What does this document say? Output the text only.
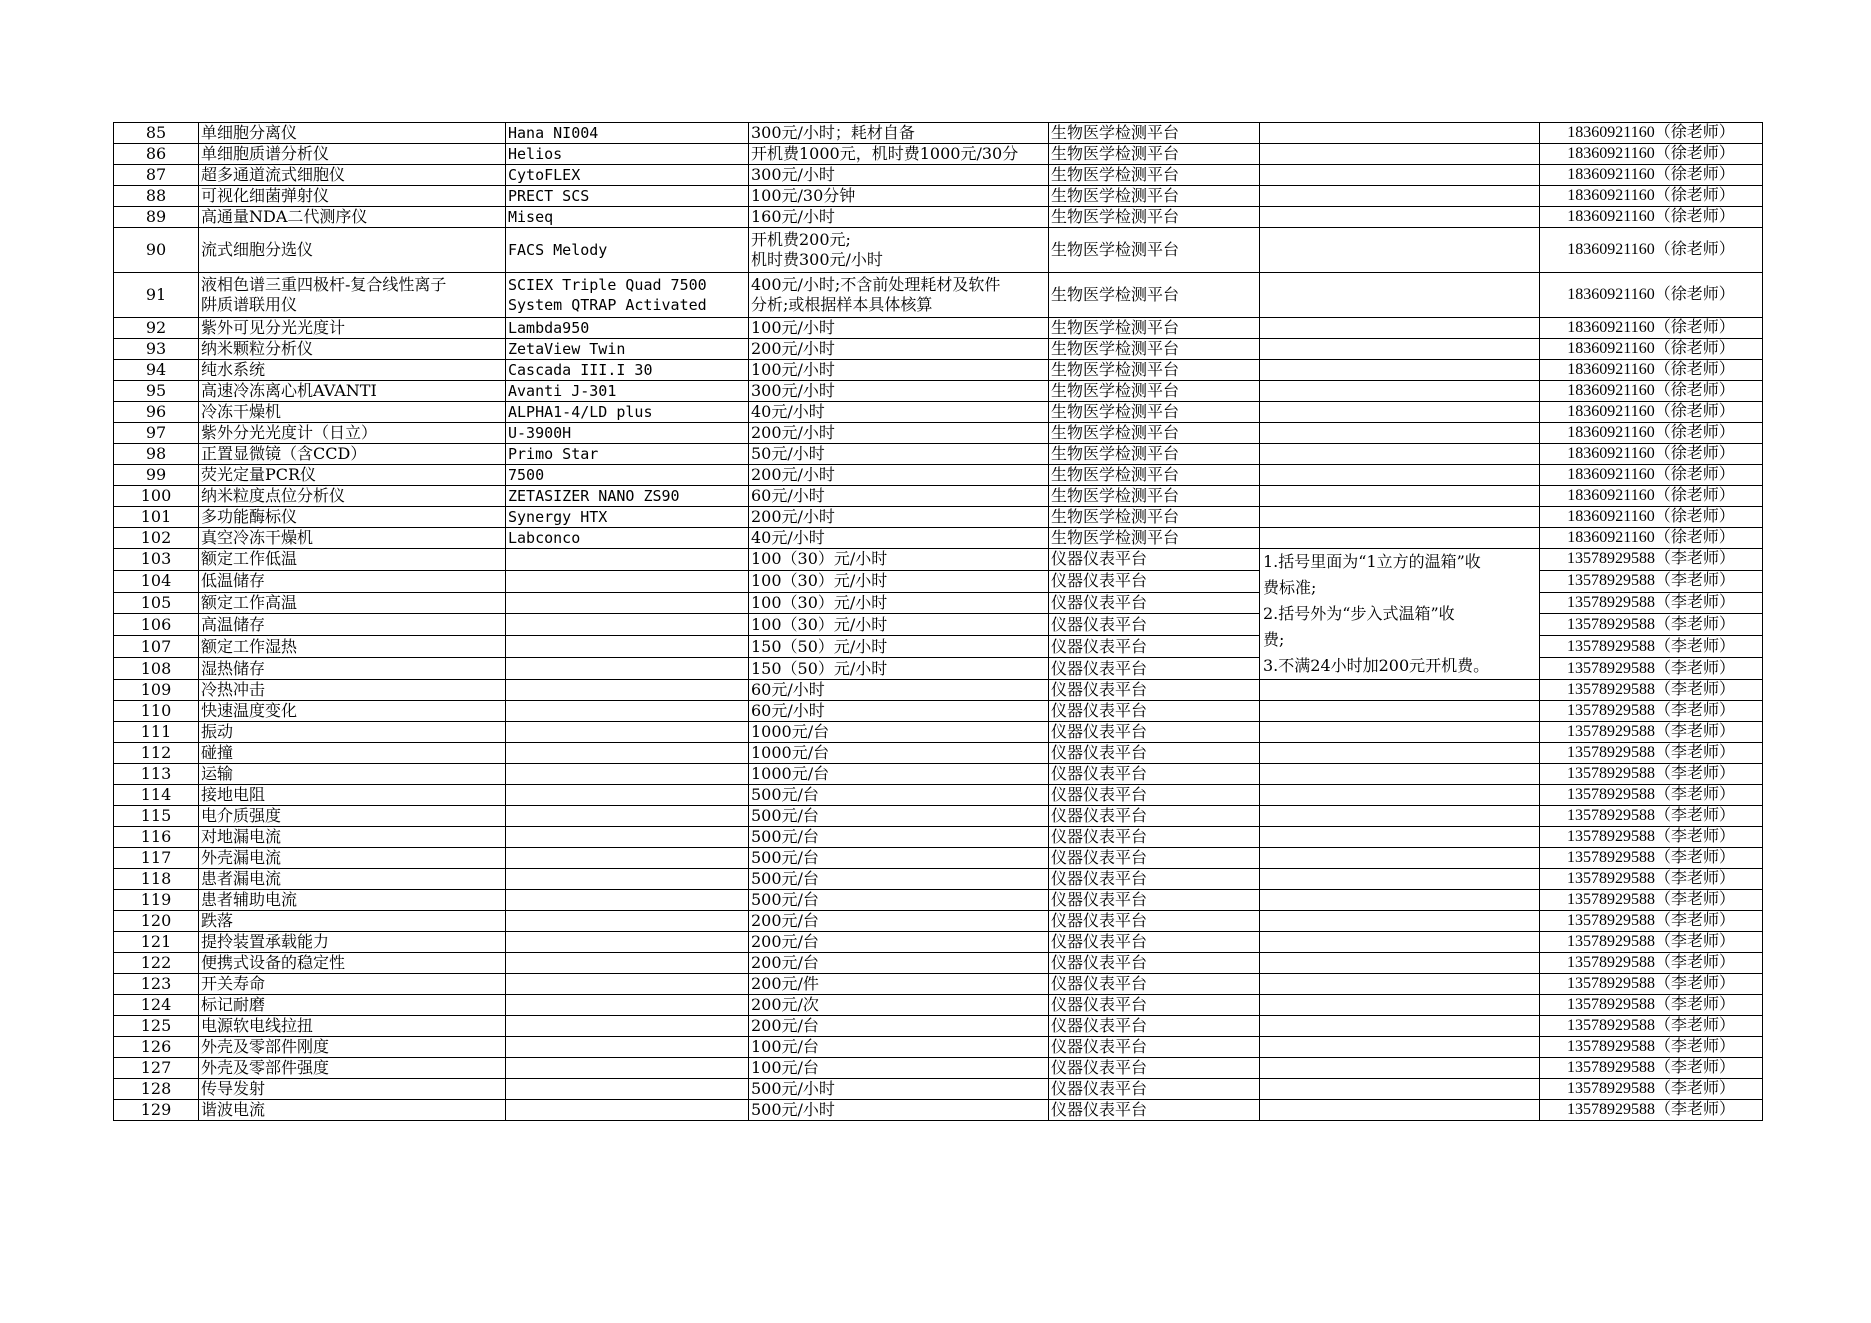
85	单细胞分离仪	Hana NI004	300元/小时；耗材自备	生物医学检测平台		18360921160（徐老师）
86	单细胞质谱分析仪	Helios	开机费1000元，机时费1000元/30分	生物医学检测平台		18360921160（徐老师）
87	超多通道流式细胞仪	CytoFLEX	300元/小时	生物医学检测平台		18360921160（徐老师）
88	可视化细菌弹射仪	PRECT SCS	100元/30分钟	生物医学检测平台		18360921160（徐老师）
89	高通量NDA二代测序仪	Miseq	160元/小时	生物医学检测平台		18360921160（徐老师）
90	流式细胞分选仪	FACS Melody	开机费200元;
机时费300元/小时	生物医学检测平台		18360921160（徐老师）
91	液相色谱三重四极杆-复合线性离子
阱质谱联用仪	SCIEX Triple Quad 7500
System QTRAP Activated	400元/小时;不含前处理耗材及软件
分析;或根据样本具体核算	生物医学检测平台		18360921160（徐老师）
92	紫外可见分光光度计	Lambda950	100元/小时	生物医学检测平台		18360921160（徐老师）
93	纳米颗粒分析仪	ZetaView Twin	200元/小时	生物医学检测平台		18360921160（徐老师）
94	纯水系统	Cascada III.I 30	100元/小时	生物医学检测平台		18360921160（徐老师）
95	高速冷冻离心机AVANTI	Avanti J-301	300元/小时	生物医学检测平台		18360921160（徐老师）
96	冷冻干燥机	ALPHA1-4/LD plus	40元/小时	生物医学检测平台		18360921160（徐老师）
97	紫外分光光度计（日立）	U-3900H	200元/小时	生物医学检测平台		18360921160（徐老师）
98	正置显微镜（含CCD）	Primo Star	50元/小时	生物医学检测平台		18360921160（徐老师）
99	荧光定量PCR仪	7500	200元/小时	生物医学检测平台		18360921160（徐老师）
100	纳米粒度点位分析仪	ZETASIZER NANO ZS90	60元/小时	生物医学检测平台		18360921160（徐老师）
101	多功能酶标仪	Synergy HTX	200元/小时	生物医学检测平台		18360921160（徐老师）
102	真空冷冻干燥机	Labconco	40元/小时	生物医学检测平台		18360921160（徐老师）
103	额定工作低温		100（30）元/小时	仪器仪表平台	1.括号里面为“1立方的温箱”收
费标准;
2.括号外为“步入式温箱”收
费;
3.不满24小时加200元开机费。	13578929588（李老师）
104	低温储存		100（30）元/小时	仪器仪表平台		13578929588（李老师）
105	额定工作高温		100（30）元/小时	仪器仪表平台		13578929588（李老师）
106	高温储存		100（30）元/小时	仪器仪表平台		13578929588（李老师）
107	额定工作湿热		150（50）元/小时	仪器仪表平台		13578929588（李老师）
108	湿热储存		150（50）元/小时	仪器仪表平台		13578929588（李老师）
109	冷热冲击		60元/小时	仪器仪表平台		13578929588（李老师）
110	快速温度变化		60元/小时	仪器仪表平台		13578929588（李老师）
111	振动		1000元/台	仪器仪表平台		13578929588（李老师）
112	碰撞		1000元/台	仪器仪表平台		13578929588（李老师）
113	运输		1000元/台	仪器仪表平台		13578929588（李老师）
114	接地电阻		500元/台	仪器仪表平台		13578929588（李老师）
115	电介质强度		500元/台	仪器仪表平台		13578929588（李老师）
116	对地漏电流		500元/台	仪器仪表平台		13578929588（李老师）
117	外壳漏电流		500元/台	仪器仪表平台		13578929588（李老师）
118	患者漏电流		500元/台	仪器仪表平台		13578929588（李老师）
119	患者辅助电流		500元/台	仪器仪表平台		13578929588（李老师）
120	跌落		200元/台	仪器仪表平台		13578929588（李老师）
121	提拎装置承载能力		200元/台	仪器仪表平台		13578929588（李老师）
122	便携式设备的稳定性		200元/台	仪器仪表平台		13578929588（李老师）
123	开关寿命		200元/件	仪器仪表平台		13578929588（李老师）
124	标记耐磨		200元/次	仪器仪表平台		13578929588（李老师）
125	电源软电线拉扭		200元/台	仪器仪表平台		13578929588（李老师）
126	外壳及零部件刚度		100元/台	仪器仪表平台		13578929588（李老师）
127	外壳及零部件强度		100元/台	仪器仪表平台		13578929588（李老师）
128	传导发射		500元/小时	仪器仪表平台		13578929588（李老师）
129	谐波电流		500元/小时	仪器仪表平台		13578929588（李老师）
